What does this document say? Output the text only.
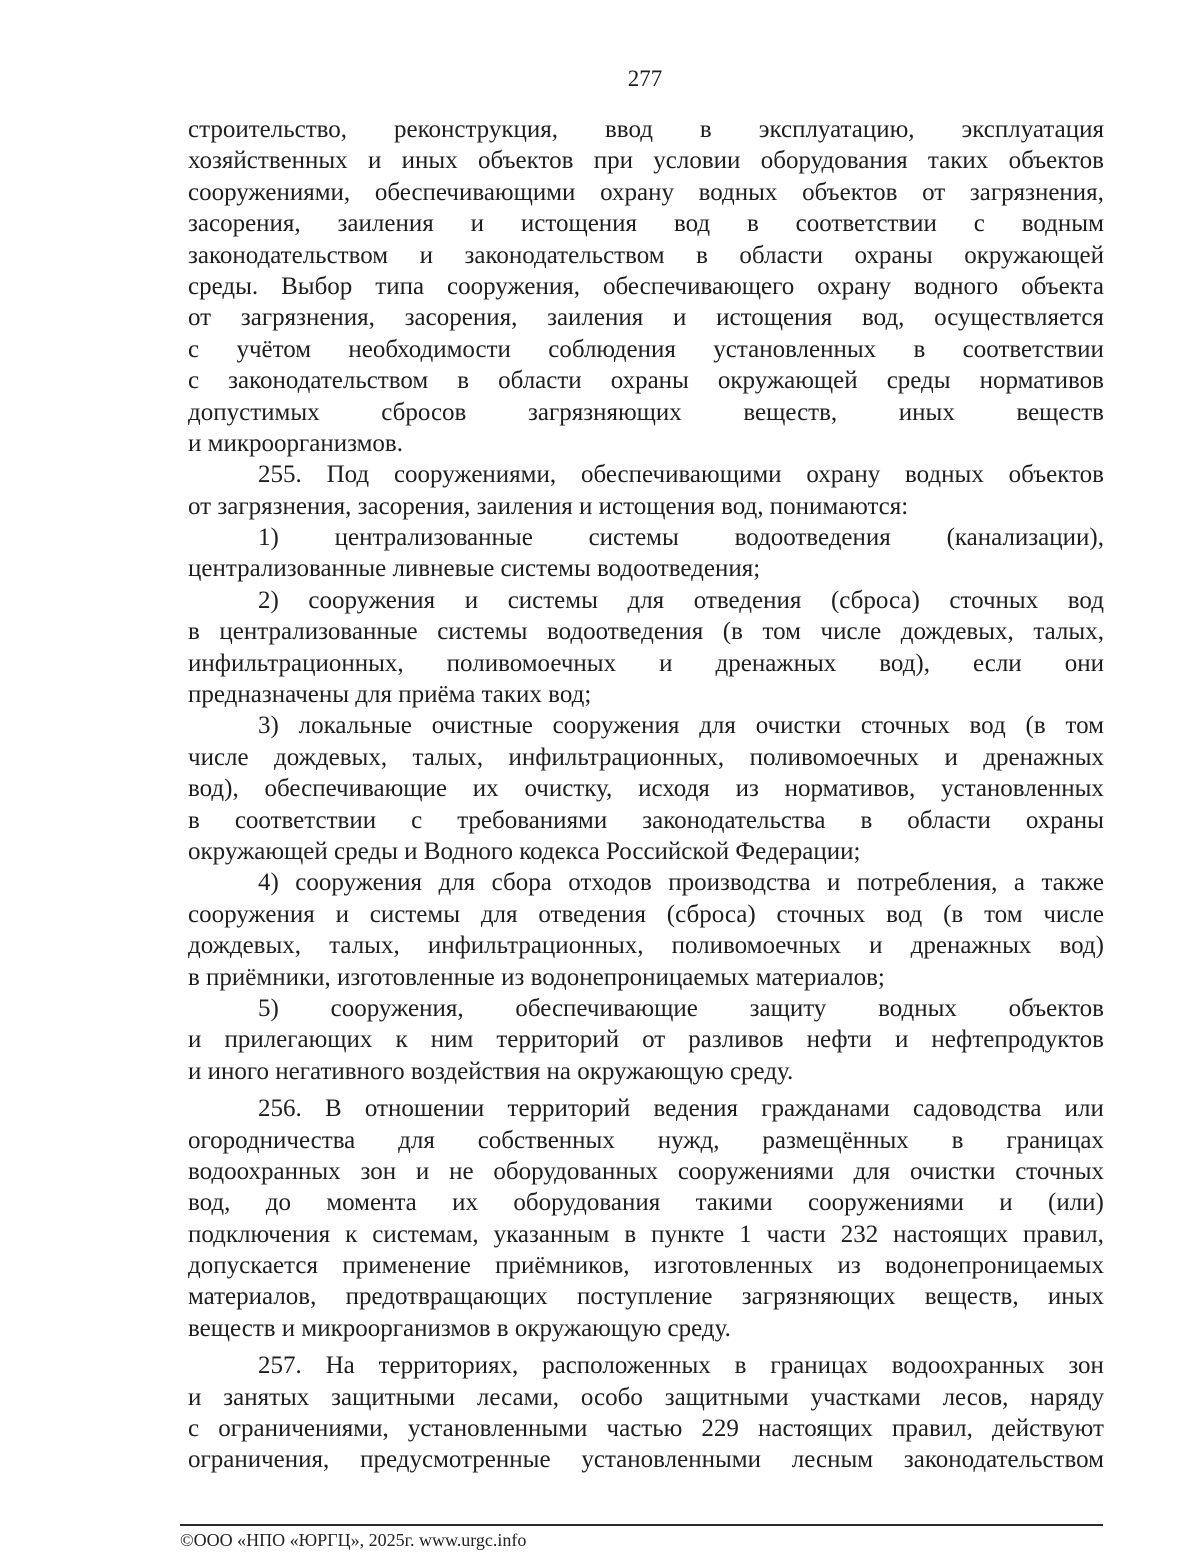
277
строительство, реконструкция, ввод в эксплуатацию, эксплуатация
хозяйственных и иных объектов при условии оборудования таких объектов
сооружениями, обеспечивающими охрану водных объектов от загрязнения,
засорения, заиления и истощения вод в соответствии с водным
законодательством и законодательством в области охраны окружающей
среды. Выбор типа сооружения, обеспечивающего охрану водного объекта
от загрязнения, засорения, заиления и истощения вод, осуществляется
с учётом необходимости соблюдения установленных в соответствии
с законодательством в области охраны окружающей среды нормативов
допустимых сбросов загрязняющих веществ, иных веществ
и микроорганизмов.
255. Под сооружениями, обеспечивающими охрану водных объектов
от загрязнения, засорения, заиления и истощения вод, понимаются:
1) централизованные системы водоотведения (канализации),
централизованные ливневые системы водоотведения;
2) сооружения и системы для отведения (сброса) сточных вод
в централизованные системы водоотведения (в том числе дождевых, талых,
инфильтрационных, поливомоечных и дренажных вод), если они
предназначены для приёма таких вод;
3) локальные очистные сооружения для очистки сточных вод (в том
числе дождевых, талых, инфильтрационных, поливомоечных и дренажных
вод), обеспечивающие их очистку, исходя из нормативов, установленных
в соответствии с требованиями законодательства в области охраны
окружающей среды и Водного кодекса Российской Федерации;
4) сооружения для сбора отходов производства и потребления, а также
сооружения и системы для отведения (сброса) сточных вод (в том числе
дождевых, талых, инфильтрационных, поливомоечных и дренажных вод)
в приёмники, изготовленные из водонепроницаемых материалов;
5) сооружения, обеспечивающие защиту водных объектов
и прилегающих к ним территорий от разливов нефти и нефтепродуктов
и иного негативного воздействия на окружающую среду.
256. В отношении территорий ведения гражданами садоводства или
огородничества для собственных нужд, размещённых в границах
водоохранных зон и не оборудованных сооружениями для очистки сточных
вод, до момента их оборудования такими сооружениями и (или)
подключения к системам, указанным в пункте 1 части 232 настоящих правил,
допускается применение приёмников, изготовленных из водонепроницаемых
материалов, предотвращающих поступление загрязняющих веществ, иных
веществ и микроорганизмов в окружающую среду.
257. На территориях, расположенных в границах водоохранных зон
и занятых защитными лесами, особо защитными участками лесов, наряду
с ограничениями, установленными частью 229 настоящих правил, действуют
ограничения, предусмотренные установленными лесным законодательством
©ООО «НПО «ЮРГЦ», 2025г. www.urgc.info
